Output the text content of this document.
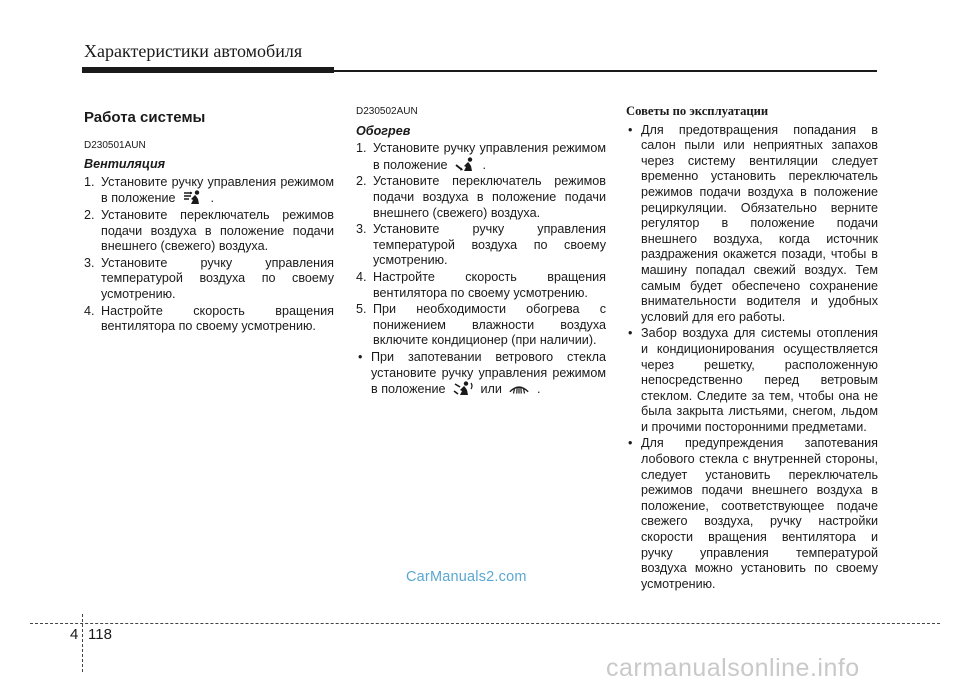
Характеристики автомобиля
Работа системы
D230501AUN
Вентиляция
1. Установите ручку управления режимом в положение	.
2. Установите переключатель режимов подачи воздуха в положение подачи внешнего (свежего) воздуха.
3. Установите ручку управления температурой воздуха по своему усмотрению.
4. Настройте скорость вращения вентилятора по своему усмотрению.
D230502AUN
Обогрев
1. Установите ручку управления режимом в положение	.
2. Установите переключатель режимов подачи воздуха в положение подачи внешнего (свежего) воздуха.
3. Установите ручку управления температурой воздуха по своему усмотрению.
4. Настройте скорость вращения вентилятора по своему усмотрению.
5. При необходимости обогрева с понижением влажности воздуха включите кондиционер (при наличии).
• При запотевании ветрового стекла установите ручку управления режимом в положение	или	.
Советы по эксплуатации
• Для предотвращения попадания в салон пыли или неприятных запахов через систему вентиляции следует временно установить переключатель режимов подачи воздуха в положение рециркуляции. Обязательно верните регулятор в положение подачи внешнего воздуха, когда источник раздражения окажется позади, чтобы в машину попадал свежий воздух. Тем самым будет обеспечено сохранение внимательности водителя и удобных условий для его работы.
• Забор воздуха для системы отопления и кондиционирования осуществляется через решетку, расположенную непосредственно перед ветровым стеклом. Следите за тем, чтобы она не была закрыта листьями, снегом, льдом и прочими посторонними предметами.
• Для предупреждения запотевания лобового стекла с внутренней стороны, следует установить переключатель режимов подачи внешнего воздуха в положение, соответствующее подаче свежего воздуха, ручку настройки скорости вращения вентилятора и ручку управления температурой воздуха можно установить по своему усмотрению.
CarManuals2.com
carmanualsonline.info
4 118
